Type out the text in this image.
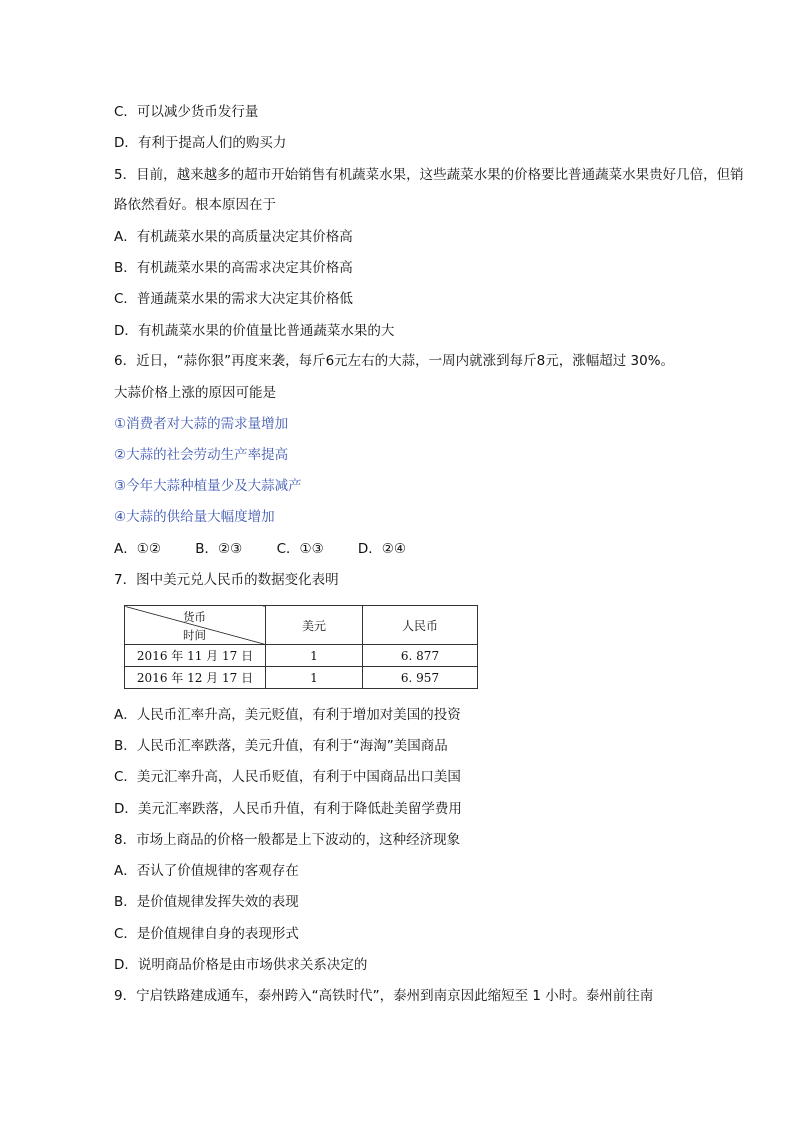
C．可以减少货币发行量
D．有利于提高人们的购买力
5．目前，越来越多的超市开始销售有机蔬菜水果，这些蔬菜水果的价格要比普通蔬菜水果贵好几倍，但销
路依然看好。根本原因在于
A．有机蔬菜水果的高质量决定其价格高
B．有机蔬菜水果的高需求决定其价格高
C．普通蔬菜水果的需求大决定其价格低
D．有机蔬菜水果的价值量比普通蔬菜水果的大
6．近日，“蒜你狠”再度来袭，每斤6元左右的大蒜，一周内就涨到每斤8元，涨幅超过 30%。
大蒜价格上涨的原因可能是
①消费者对大蒜的需求量增加
②大蒜的社会劳动生产率提高
③今年大蒜种植量少及大蒜减产
④大蒜的供给量大幅度增加
A．①②	B．②③	C．①③	D．②④
7．图中美元兑人民币的数据变化表明
货币
时间	美元	人民币
2016 年 11 月 17 日	1	6. 877
2016 年 12 月 17 日	1	6. 957
A．人民币汇率升高，美元贬值，有利于增加对美国的投资
B．人民币汇率跌落，美元升值，有利于“海淘”美国商品
C．美元汇率升高，人民币贬值，有利于中国商品出口美国
D．美元汇率跌落，人民币升值，有利于降低赴美留学费用
8．市场上商品的价格一般都是上下波动的，这种经济现象
A．否认了价值规律的客观存在
B．是价值规律发挥失效的表现
C．是价值规律自身的表现形式
D．说明商品价格是由市场供求关系决定的
9．宁启铁路建成通车，泰州跨入“高铁时代”，泰州到南京因此缩短至 1 小时。泰州前往南
